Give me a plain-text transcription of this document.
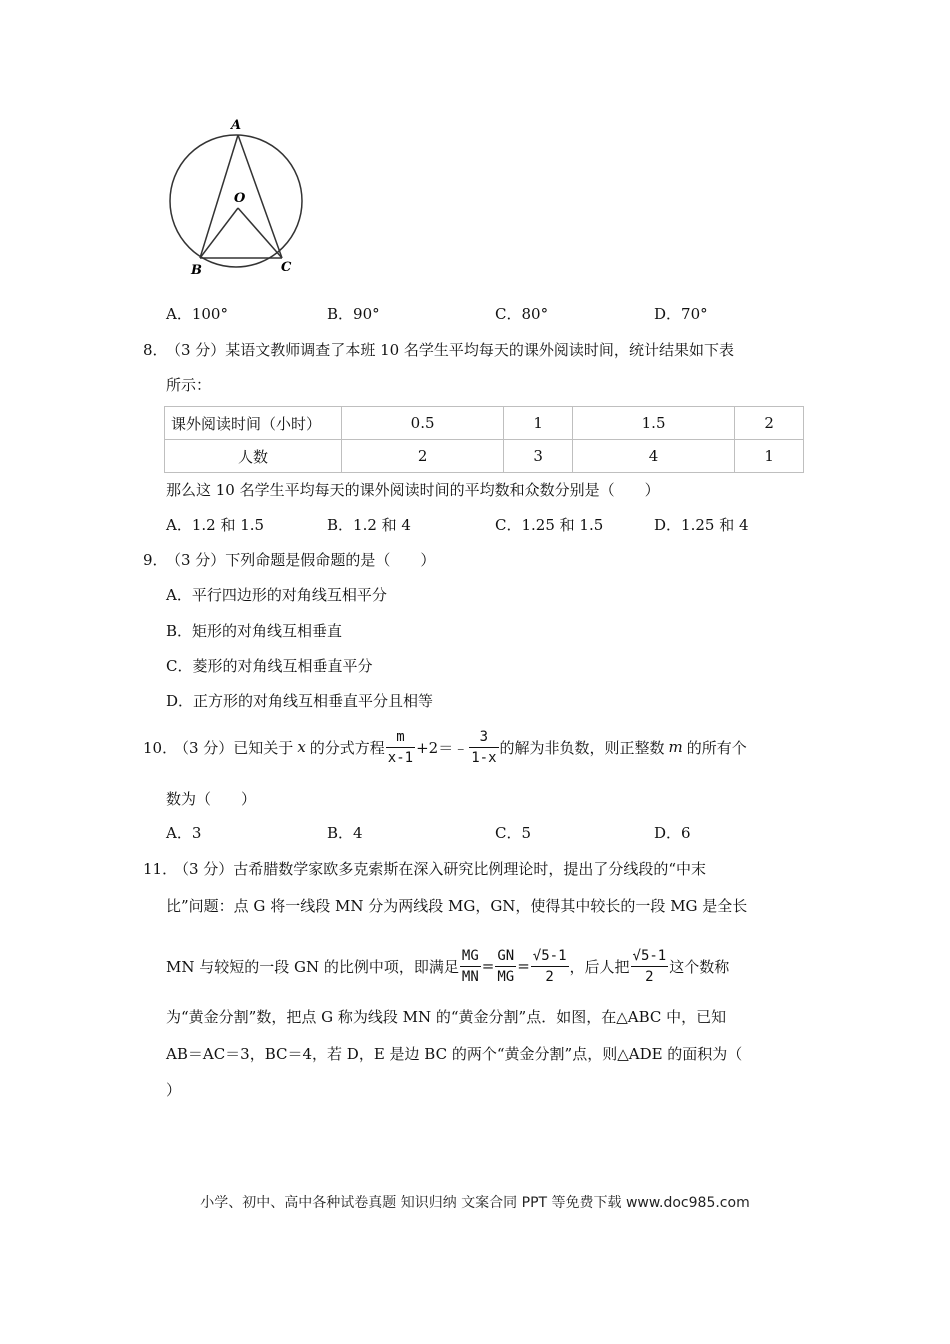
A
O
B	C
A．100°	B．90°	C．80°	D．70°
8．
（3 分）某语文教师调查了本班 10 名学生平均每天的课外阅读时间，统计结果如下表
所示：
课外阅读时间（小时）	0.5	1	1.5	2
人数	2	3	4	1
那么这 10 名学生平均每天的课外阅读时间的平均数和众数分别是（　　）
A．1.2 和 1.5	B．1.2 和 4	C．1.25 和 1.5	D．1.25 和 4
9．
（3 分）下列命题是假命题的是（　　）
A．平行四边形的对角线互相平分
B．矩形的对角线互相垂直
C．菱形的对角线互相垂直平分
D．正方形的对角线互相垂直平分且相等
10．
（3 分）已知关于 x 的分式方程 $\frac{m}{x-1}$ +2＝﹣ $\frac{3}{1-x}$ 的解为非负数，则正整数 m 的所有个
数为（　　）
A．3	B．4	C．5	D．6
11．
（3 分）古希腊数学家欧多克索斯在深入研究比例理论时，提出了分线段的“中末
比”问题：点 G 将一线段 MN 分为两线段 MG，GN，使得其中较长的一段 MG 是全长
MN 与较短的一段 GN 的比例中项，即满足 $\frac{MG}{MN} = \frac{GN}{MG} = \frac{√5-1}{2}$ ，后人把 $\frac{√5-1}{2}$ 这个数称
为“黄金分割”数，把点 G 称为线段 MN 的“黄金分割”点．如图，在△ABC 中，已知
AB＝AC＝3，BC＝4，若 D，E 是边 BC 的两个“黄金分割”点，则△ADE 的面积为（
）
小学、初中、高中各种试卷真题 知识归纳 文案合同 PPT 等免费下载 www.doc985.com
